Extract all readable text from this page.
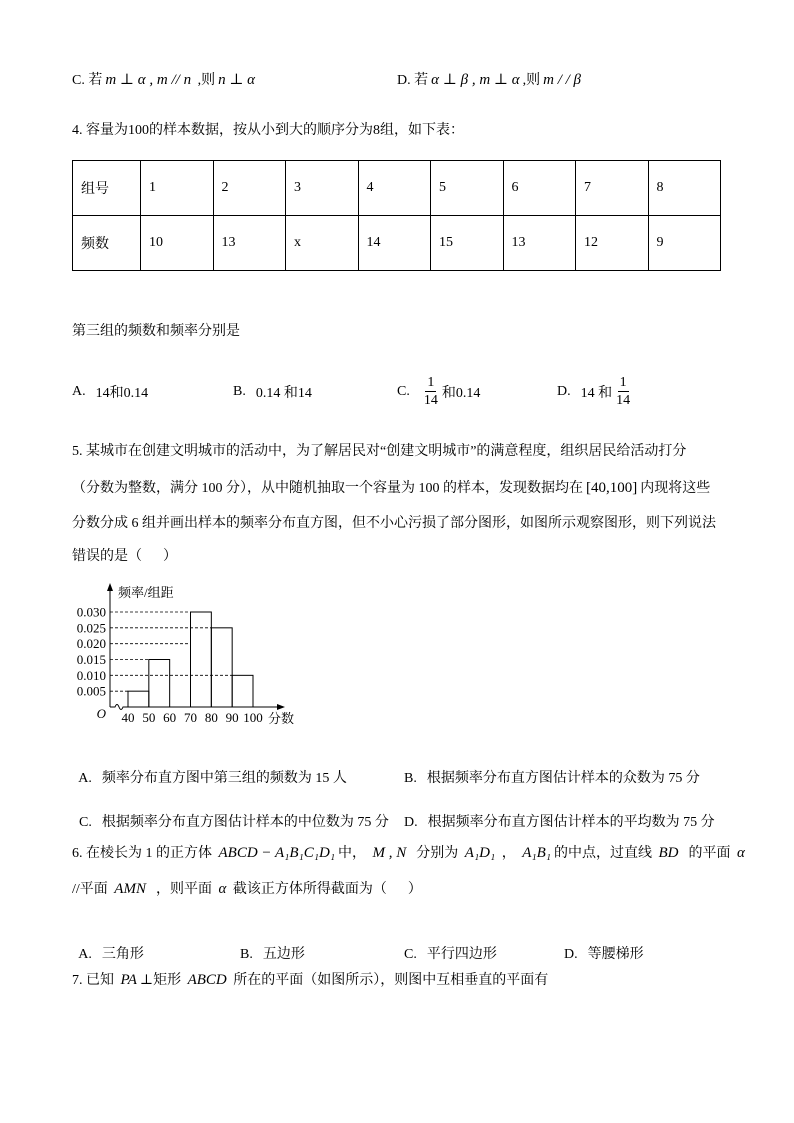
C. 若 m ⊥ α , m // n ,则 n ⊥ α	D. 若 α ⊥ β , m ⊥ α ,则 m / / β
4. 容量为100的样本数据，按从小到大的顺序分为8组，如下表：
组号	1	2	3	4	5	6	7	8
频数	10	13	x	14	15	13	12	9
第三组的频数和频率分别是
A. 14和0.14	B. 0.14 和14	C. $\frac{1}{14}$ 和0.14	D. 14 和 $\frac{1}{14}$
5. 某城市在创建文明城市的活动中，为了解居民对“创建文明城市”的满意程度，组织居民给活动打分
（分数为整数，满分 100 分），从中随机抽取一个容量为 100 的样本，发现数据均在 [40,100] 内现将这些
分数分成 6 组并画出样本的频率分布直方图，但不小心污损了部分图形，如图所示观察图形，则下列说法
错误的是（      ）
频率/组距
分数
O
0.030
0.025
0.020
0.015
0.010
0.005
40 50 60 70 80 90 100

A. 频率分布直方图中第三组的频数为 15 人	B. 根据频率分布直方图估计样本的众数为 75 分

C. 根据频率分布直方图估计样本的中位数为 75 分	D. 根据频率分布直方图估计样本的平均数为 75 分

6. 在棱长为 1 的正方体 ABCD − A₁B₁C₁D₁ 中， M , N  分别为 A₁D₁ ， A₁B₁ 的中点，过直线 BD  的平面 α
//平面 AMN  ，则平面 α 截该正方体所得截面为（      ）

A. 三角形	B. 五边形	C. 平行四边形	D. 等腰梯形

7. 已知 PA ⊥矩形 ABCD 所在的平面（如图所示），则图中互相垂直的平面有
